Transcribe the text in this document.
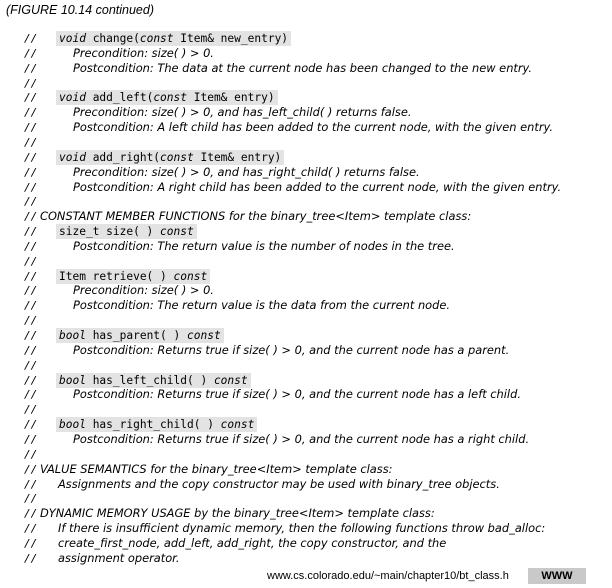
(FIGURE 10.14 continued)
// void change(const Item& new_entry)
//	Precondition: size( ) > 0.
//	Postcondition: The data at the current node has been changed to the new entry.
//
// void add_left(const Item& entry)
//	Precondition: size( ) > 0, and has_left_child( ) returns false.
//	Postcondition: A left child has been added to the current node, with the given entry.
//
// void add_right(const Item& entry)
//	Precondition: size( ) > 0, and has_right_child( ) returns false.
//	Postcondition: A right child has been added to the current node, with the given entry.
//
// CONSTANT MEMBER FUNCTIONS for the binary_tree<Item> template class:
// size_t size( ) const
//	Postcondition: The return value is the number of nodes in the tree.
//
// Item retrieve( ) const
//	Precondition: size( ) > 0.
//	Postcondition: The return value is the data from the current node.
//
// bool has_parent( ) const
//	Postcondition: Returns true if size( ) > 0, and the current node has a parent.
//
// bool has_left_child( ) const
//	Postcondition: Returns true if size( ) > 0, and the current node has a left child.
//
// bool has_right_child( ) const
//	Postcondition: Returns true if size( ) > 0, and the current node has a right child.
//
// VALUE SEMANTICS for the binary_tree<Item> template class:
// Assignments and the copy constructor may be used with binary_tree objects.
//
// DYNAMIC MEMORY USAGE by the binary_tree<Item> template class:
// If there is insufficient dynamic memory, then the following functions throw bad_alloc:
// create_first_node, add_left, add_right, the copy constructor, and the
// assignment operator.
www.cs.colorado.edu/~main/chapter10/bt_class.h	WWW
